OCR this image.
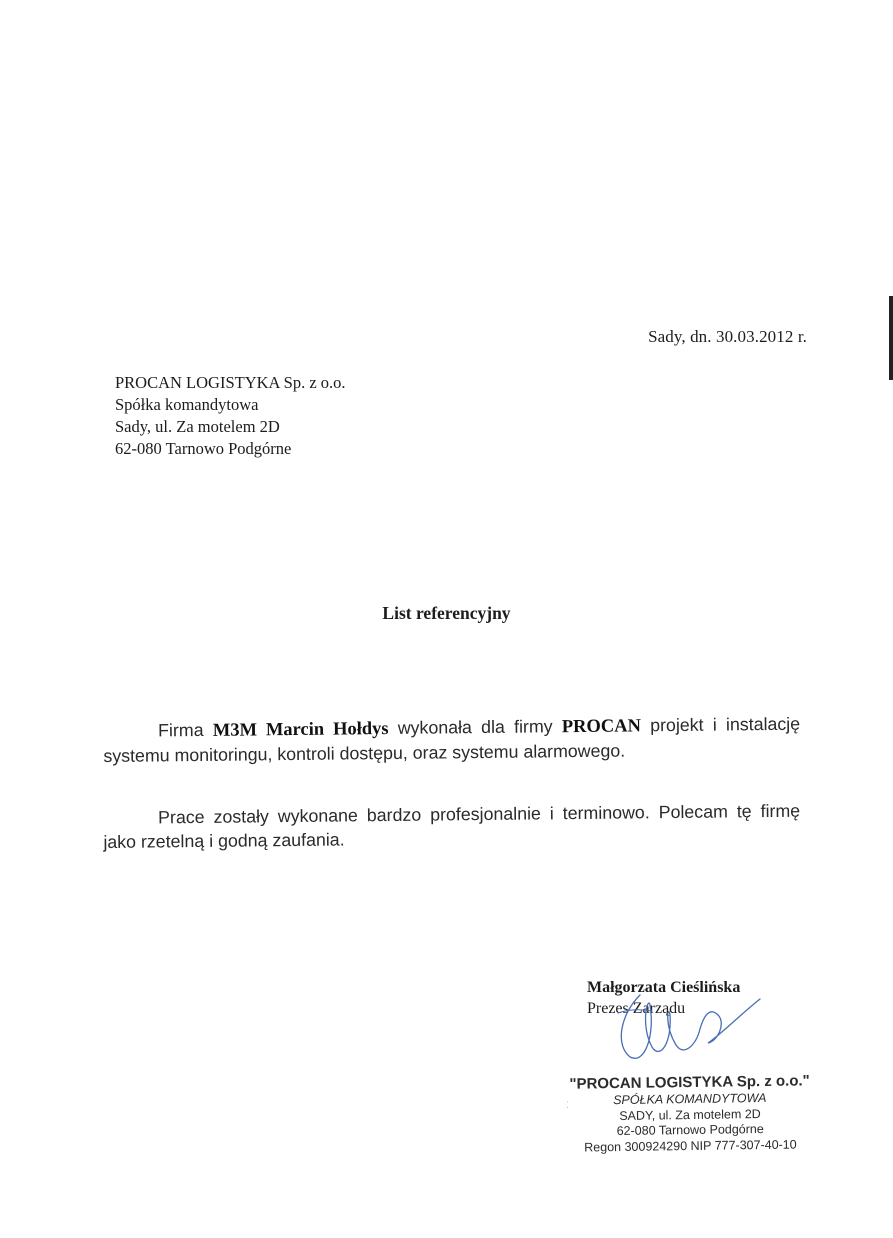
Sady, dn. 30.03.2012 r.
PROCAN LOGISTYKA Sp. z o.o.
Spółka komandytowa
Sady, ul. Za motelem 2D
62-080 Tarnowo Podgórne
List referencyjny
Firma M3M Marcin Hołdys wykonała dla firmy PROCAN projekt i instalację systemu monitoringu, kontroli dostępu, oraz systemu alarmowego.
Prace zostały wykonane bardzo profesjonalnie i terminowo. Polecam tę firmę jako rzetelną i godną zaufania.
Małgorzata Cieślińska
Prezes Zarządu
⁚
"PROCAN LOGISTYKA Sp. z o.o."
SPÓŁKA KOMANDYTOWA
SADY, ul. Za motelem 2D
62-080 Tarnowo Podgórne
Regon 300924290 NIP 777-307-40-10
